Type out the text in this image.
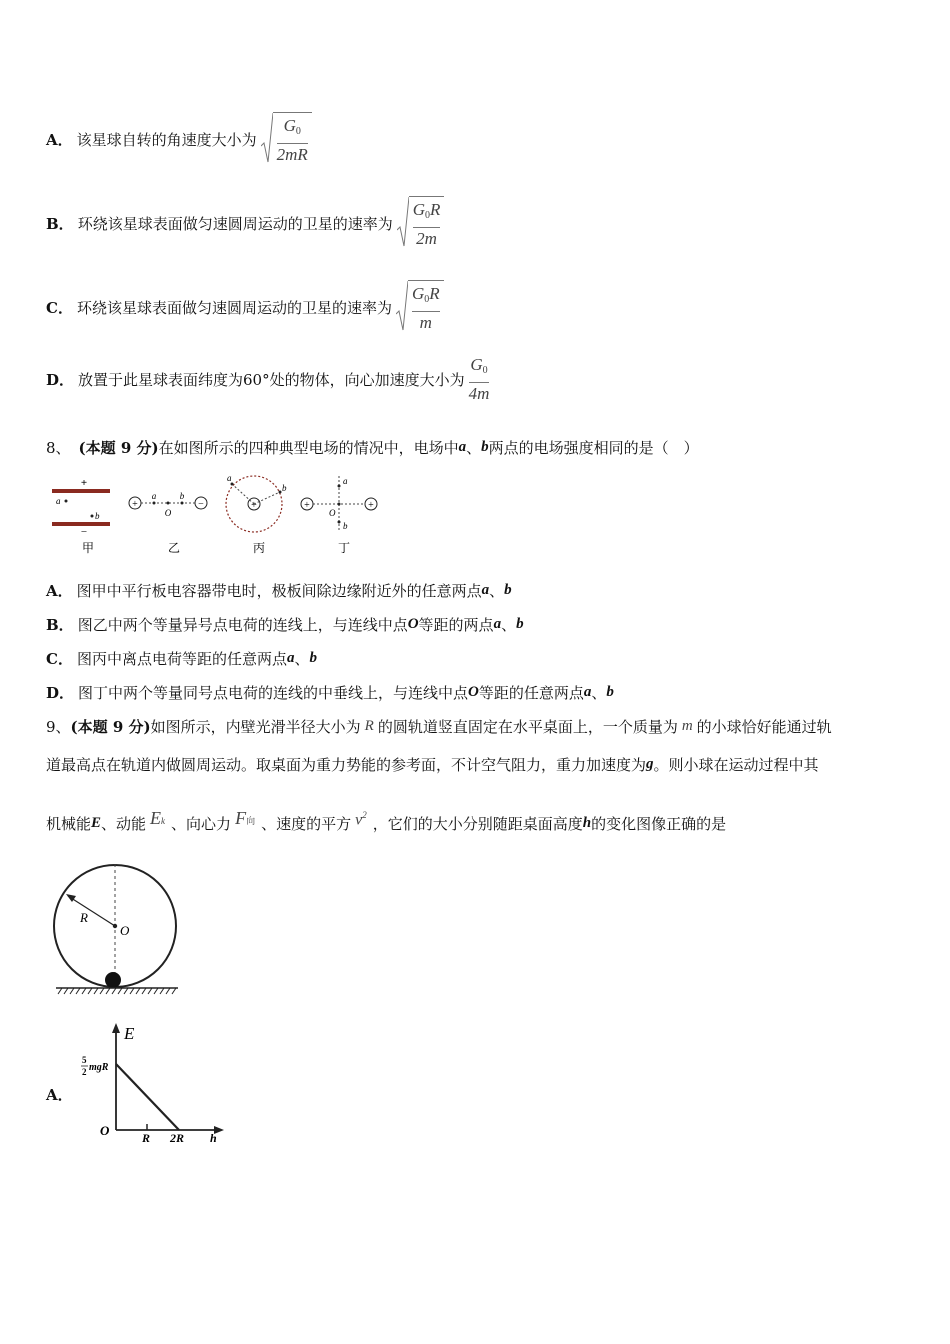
A． 该星球自转的角速度大小为 $\frac{G_0}{2mR}$
B． 环绕该星球表面做匀速圆周运动的卫星的速率为 $\frac{G_0R}{2m}$
C． 环绕该星球表面做匀速圆周运动的卫星的速率为 $\frac{G_0R}{m}$
D． 放置于此星球表面纬度为60°处的物体，向心加速度大小为
$G_0$
4m
8、 (本题 9 分) 在如图所示的四种典型电场的情况中，电场中 a 、 b 两点的电场强度相同的是（　）
+
−
a
b
甲
+	−
a	b
O
乙
+
a
b
丙
+	+
a
b
O
丁
A． 图甲中平行板电容器带电时，极板间除边缘附近外的任意两点 a 、 b
B． 图乙中两个等量异号点电荷的连线上，与连线中点 O 等距的两点 a 、 b
C． 图丙中离点电荷等距的任意两点 a 、 b
D． 图丁中两个等量同号点电荷的连线的中垂线上，与连线中点 O 等距的任意两点 a 、 b
9、 (本题 9 分) 如图所示，内壁光滑半径大小为 R 的圆轨道竖直固定在水平桌面上，一个质量为 m 的小球恰好能通过轨
道最高点在轨道内做圆周运动。取桌面为重力势能的参考面，不计空气阻力，重力加速度为 g 。则小球在运动过程中其
机械能 E 、动能 Ek 、向心力 F向 、速度的平方 $v^2$
，它们的大小分别随距桌面高度 h 的变化图像正确的是
R
O
A．
E
5
2 mgR
O	R 2R h
